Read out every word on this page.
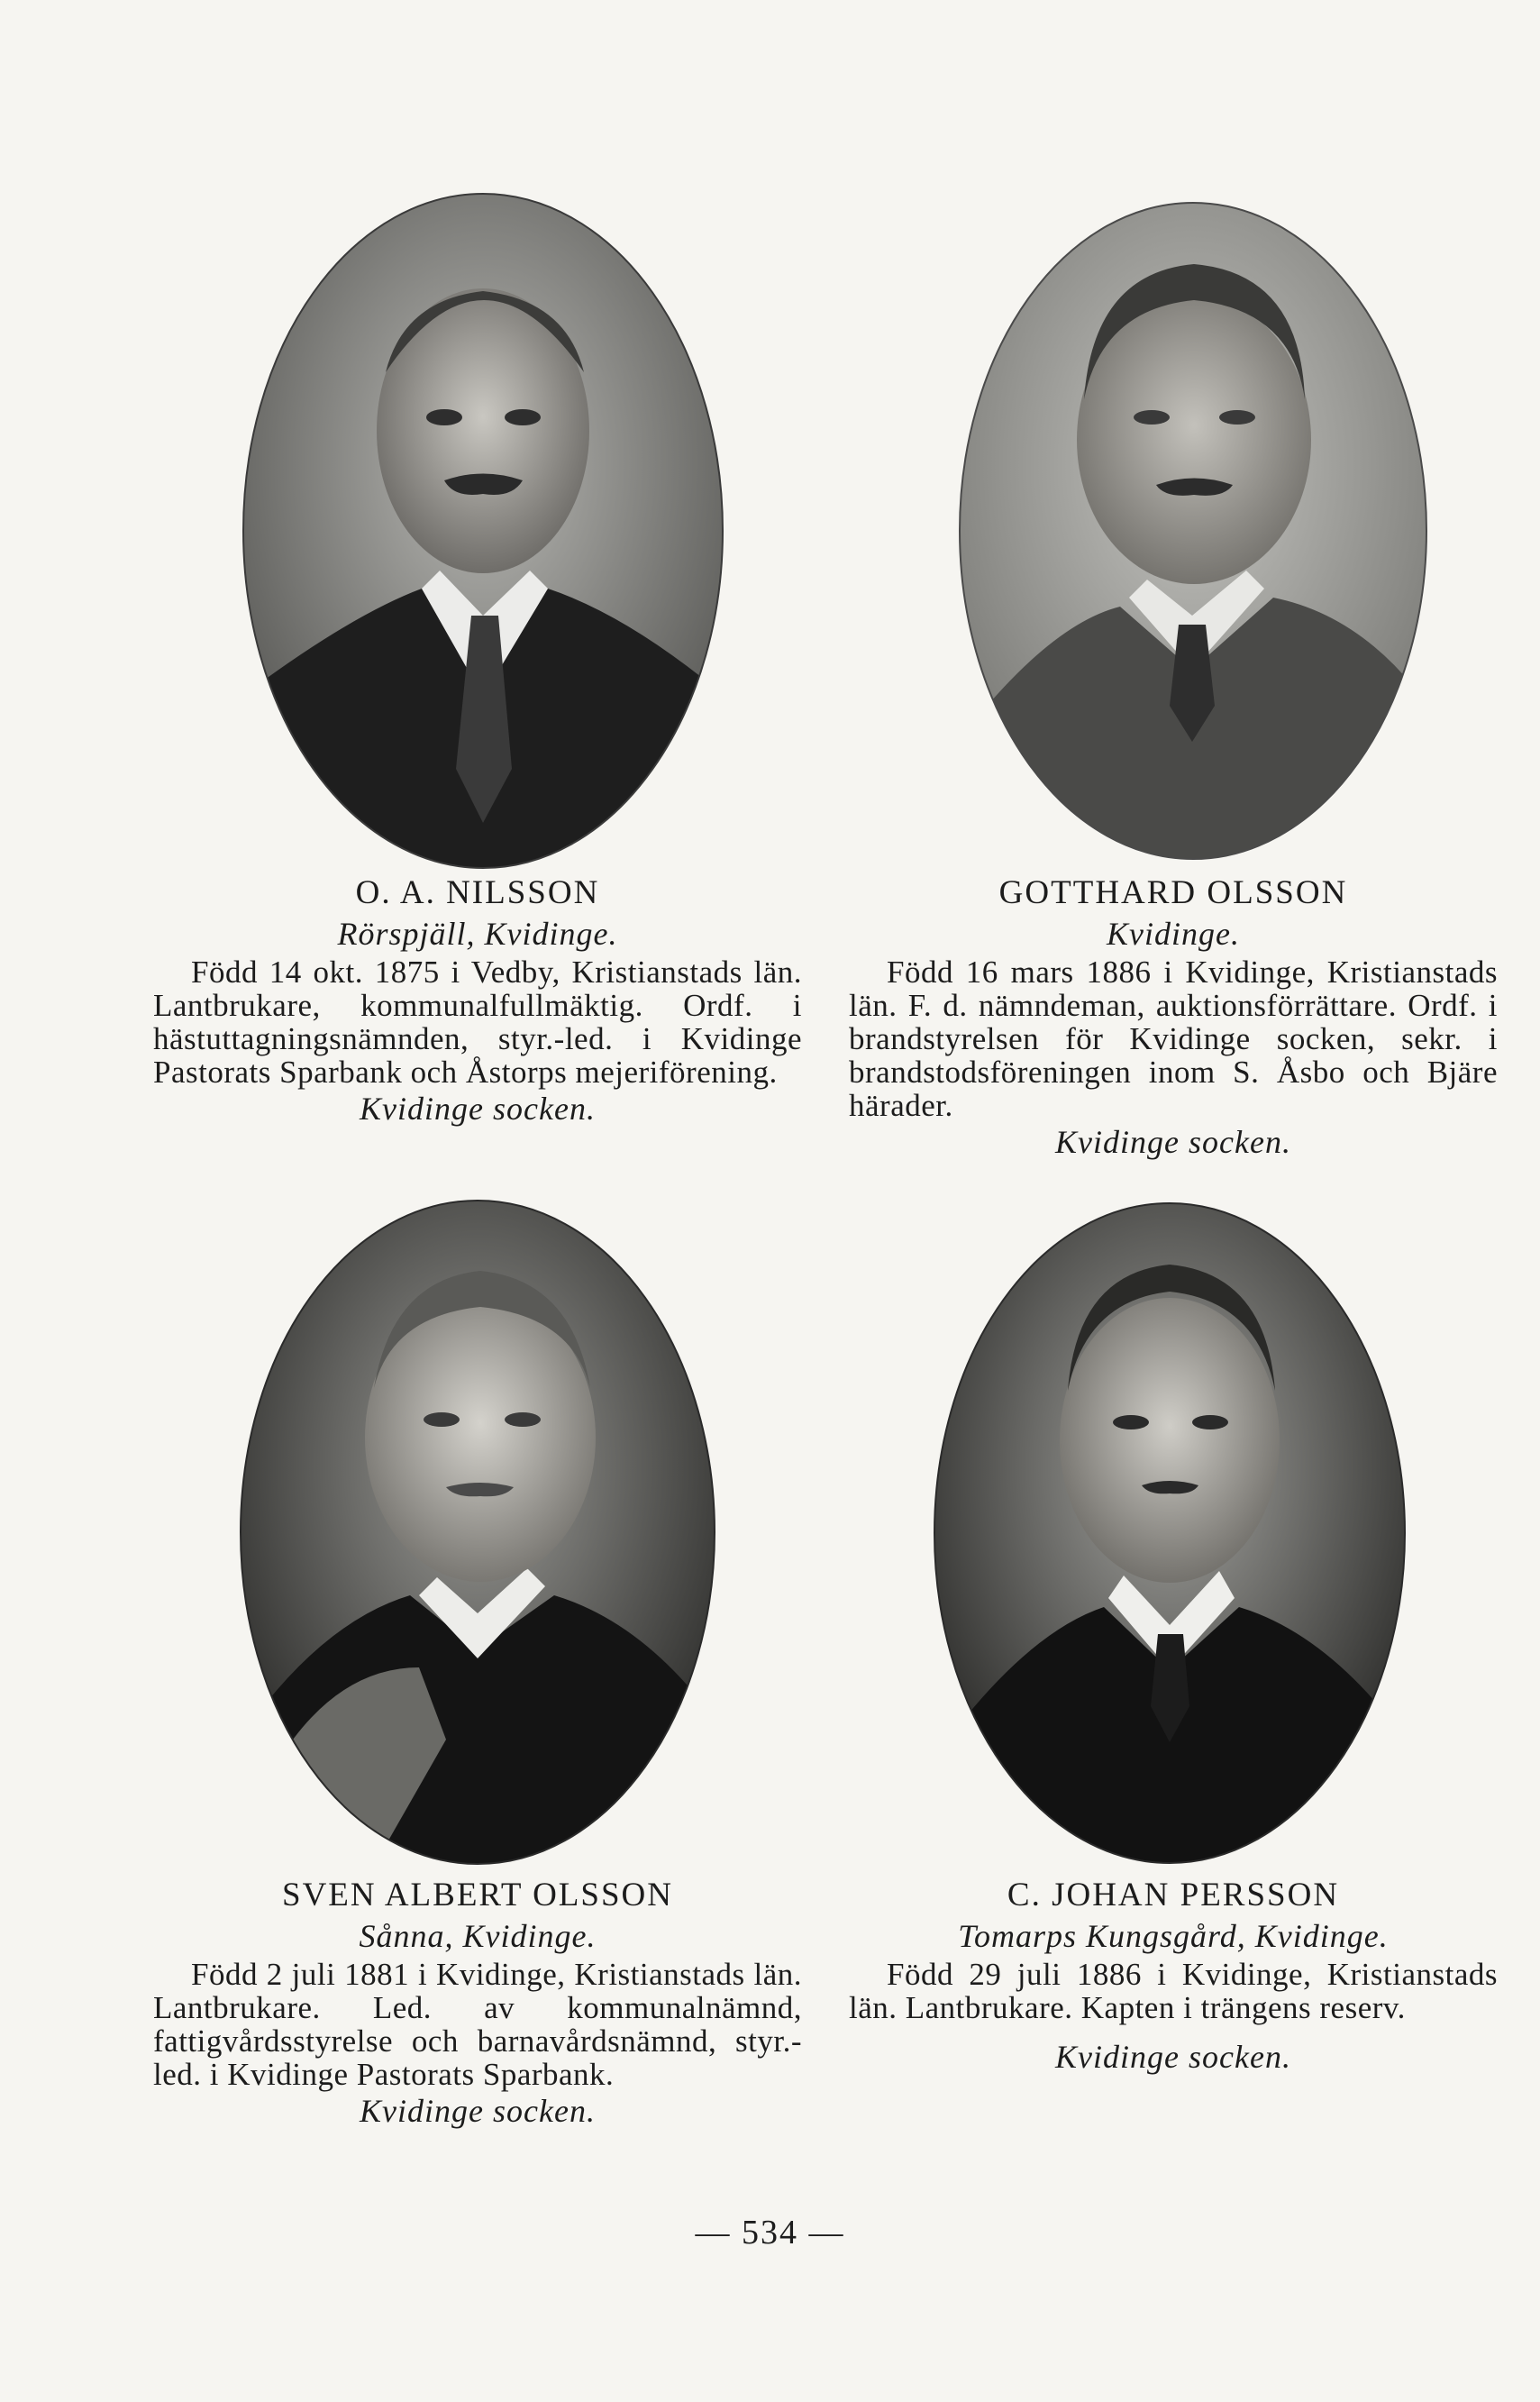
O. A. NILSSON
Rörspjäll, Kvidinge.

Född 14 okt. 1875 i Vedby, Kristianstads län. Lantbrukare, kommunalfullmäktig. Ordf. i hästuttagningsnämnden, styr.-led. i Kvidinge Pastorats Sparbank och Åstorps mejeriförening.

Kvidinge socken.
GOTTHARD OLSSON
Kvidinge.

Född 16 mars 1886 i Kvidinge, Kristianstads län. F. d. nämndeman, auktionsförrättare. Ordf. i brandstyrelsen för Kvidinge socken, sekr. i brandstodsföreningen inom S. Åsbo och Bjäre härader.

Kvidinge socken.
SVEN ALBERT OLSSON
Sånna, Kvidinge.

Född 2 juli 1881 i Kvidinge, Kristianstads län. Lantbrukare. Led. av kommunalnämnd, fattigvårdsstyrelse och barnavårdsnämnd, styr.-led. i Kvidinge Pastorats Sparbank.

Kvidinge socken.
C. JOHAN PERSSON
Tomarps Kungsgård, Kvidinge.

Född 29 juli 1886 i Kvidinge, Kristianstads län. Lantbrukare. Kapten i trängens reserv.

Kvidinge socken.
— 534 —
